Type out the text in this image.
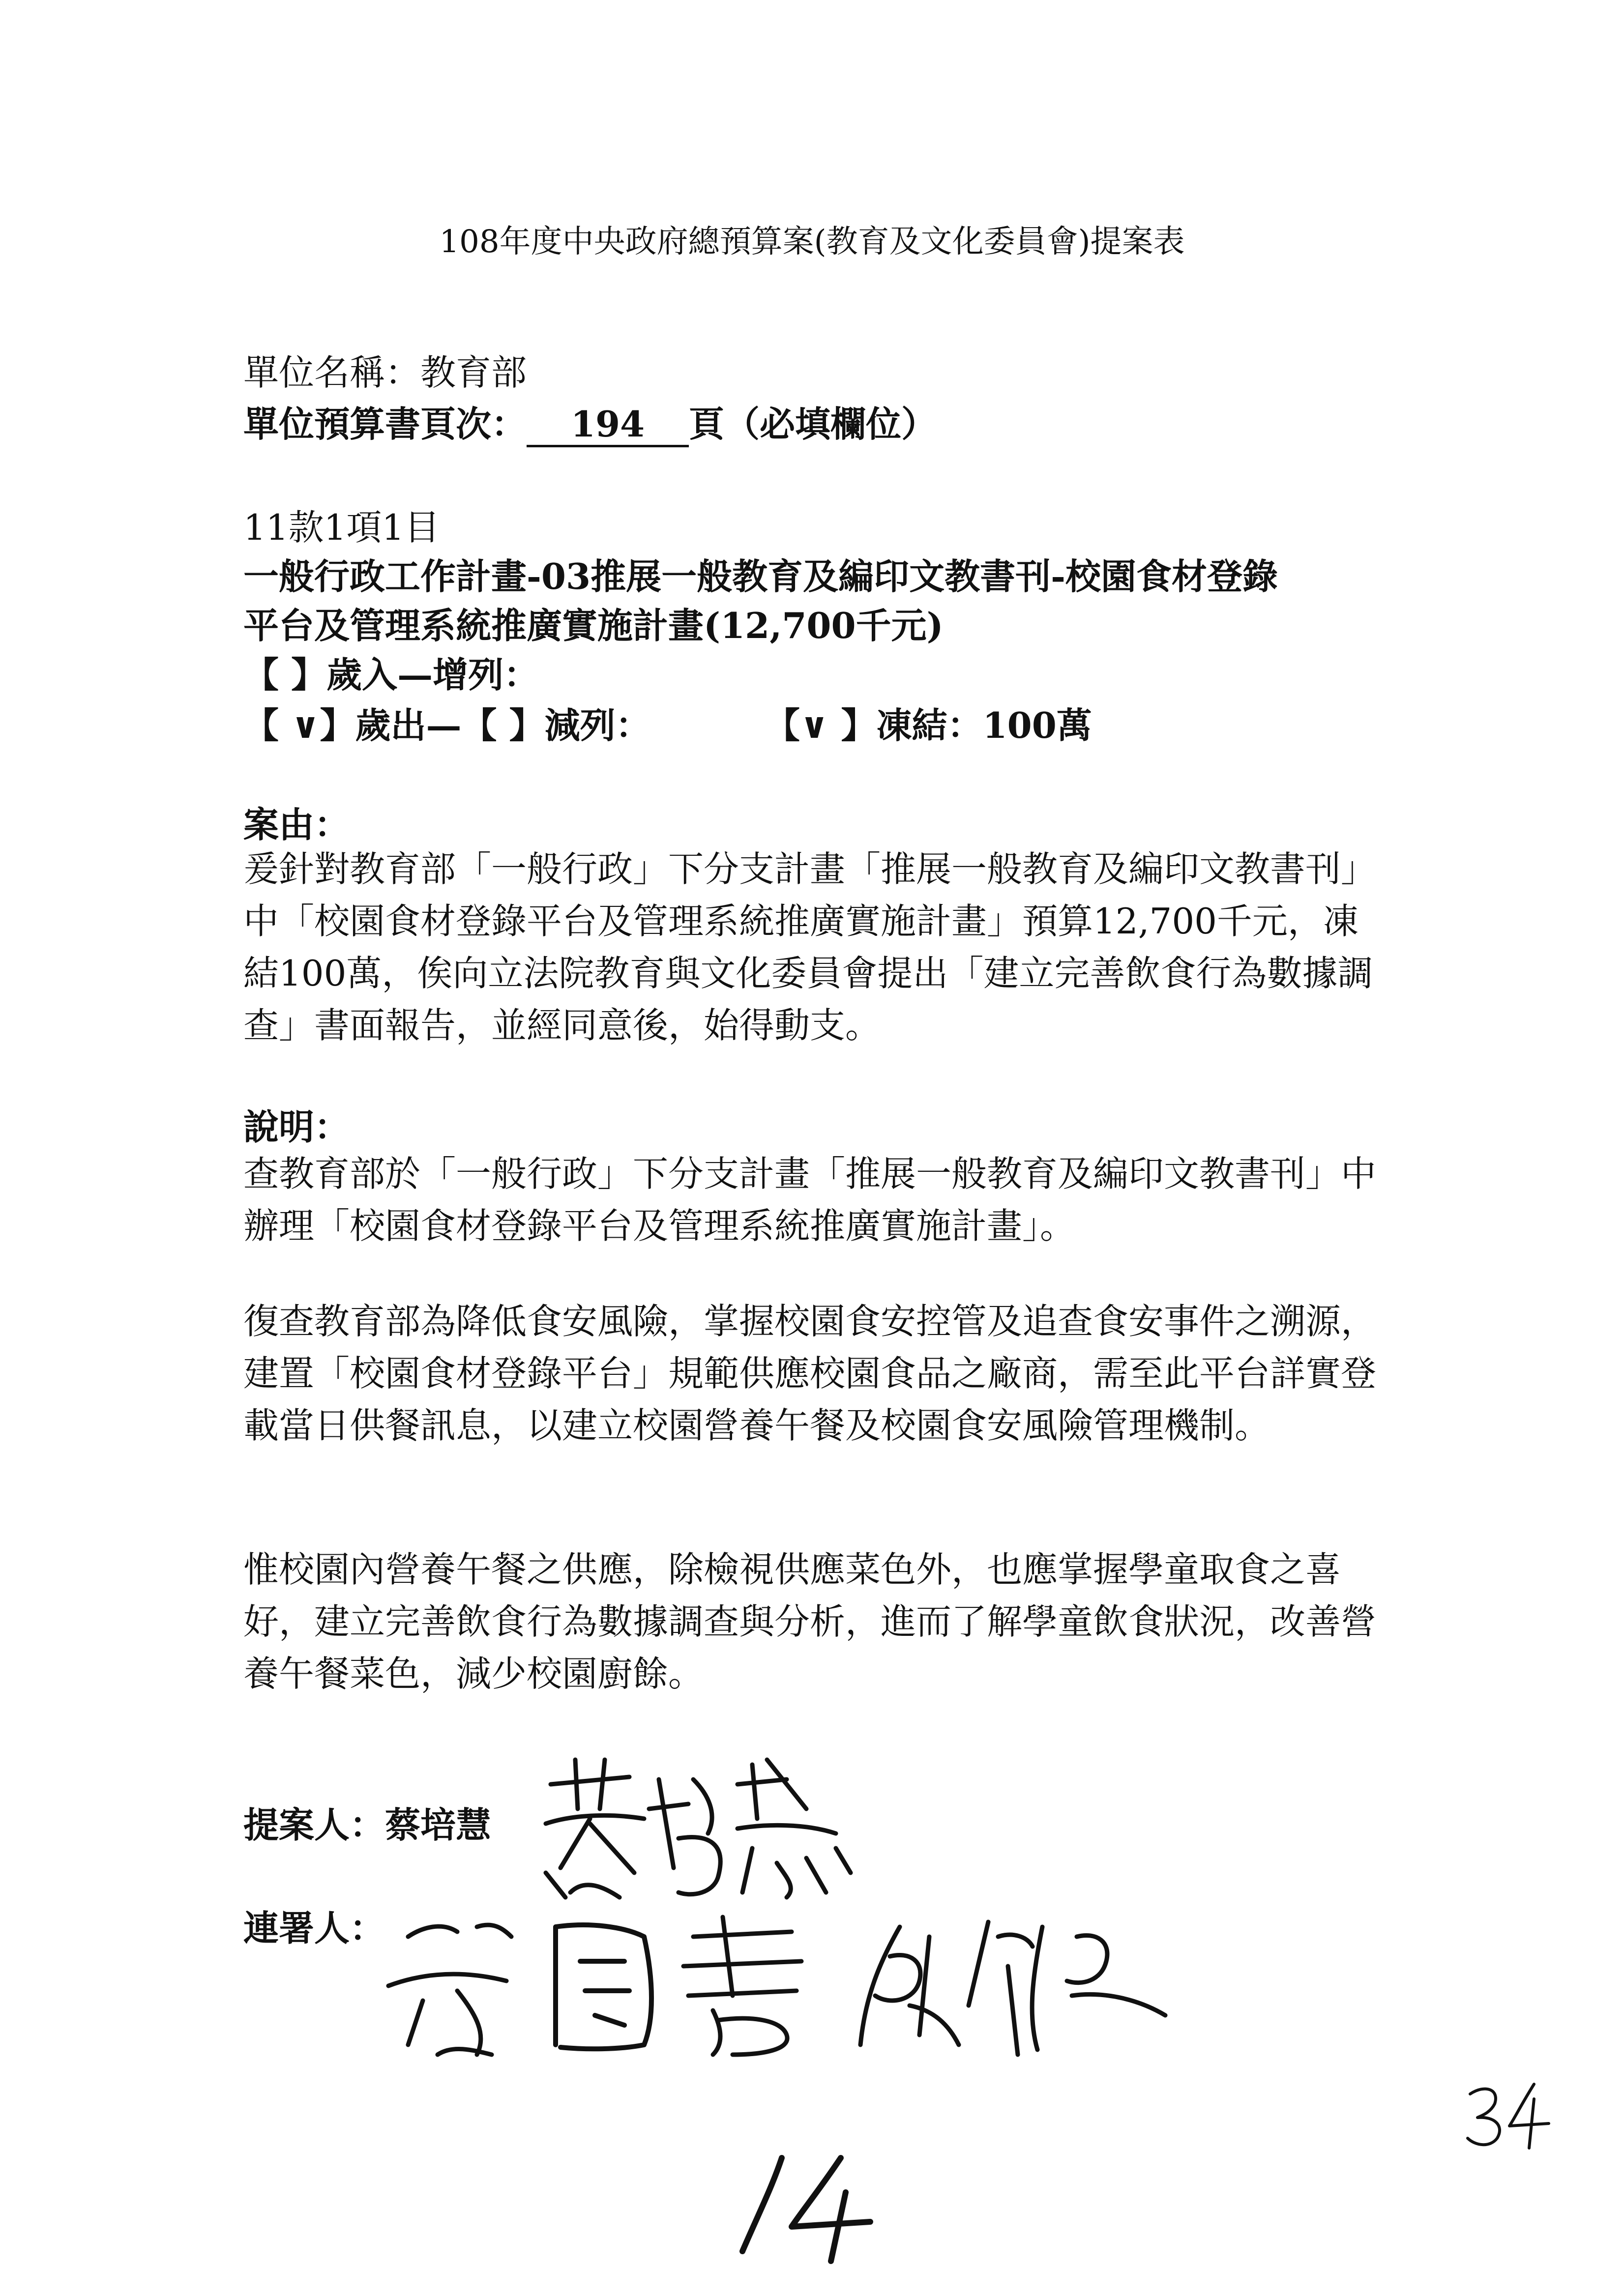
108年度中央政府總預算案(教育及文化委員會)提案表
單位名稱：教育部
單位預算書頁次： 194 頁（必填欄位）
11款1項1目
一般行政工作計畫-03推展一般教育及編印文教書刊-校園食材登錄
平台及管理系統推廣實施計畫(12,700千元)
【 】歲入—增列：
【 ∨】歲出—【 】減列：	【∨ 】凍結：100萬
案由：
爰針對教育部「一般行政」下分支計畫「推展一般教育及編印文教書刊」中「校園食材登錄平台及管理系統推廣實施計畫」預算12,700千元，凍結100萬，俟向立法院教育與文化委員會提出「建立完善飲食行為數據調查」書面報告，並經同意後，始得動支。
說明：
查教育部於「一般行政」下分支計畫「推展一般教育及編印文教書刊」中辦理「校園食材登錄平台及管理系統推廣實施計畫」。
復查教育部為降低食安風險，掌握校園食安控管及追查食安事件之溯源，建置「校園食材登錄平台」規範供應校園食品之廠商，需至此平台詳實登載當日供餐訊息，以建立校園營養午餐及校園食安風險管理機制。
惟校園內營養午餐之供應，除檢視供應菜色外，也應掌握學童取食之喜好，建立完善飲食行為數據調查與分析，進而了解學童飲食狀況，改善營養午餐菜色，減少校園廚餘。
提案人：蔡培慧
連署人：
14
34
